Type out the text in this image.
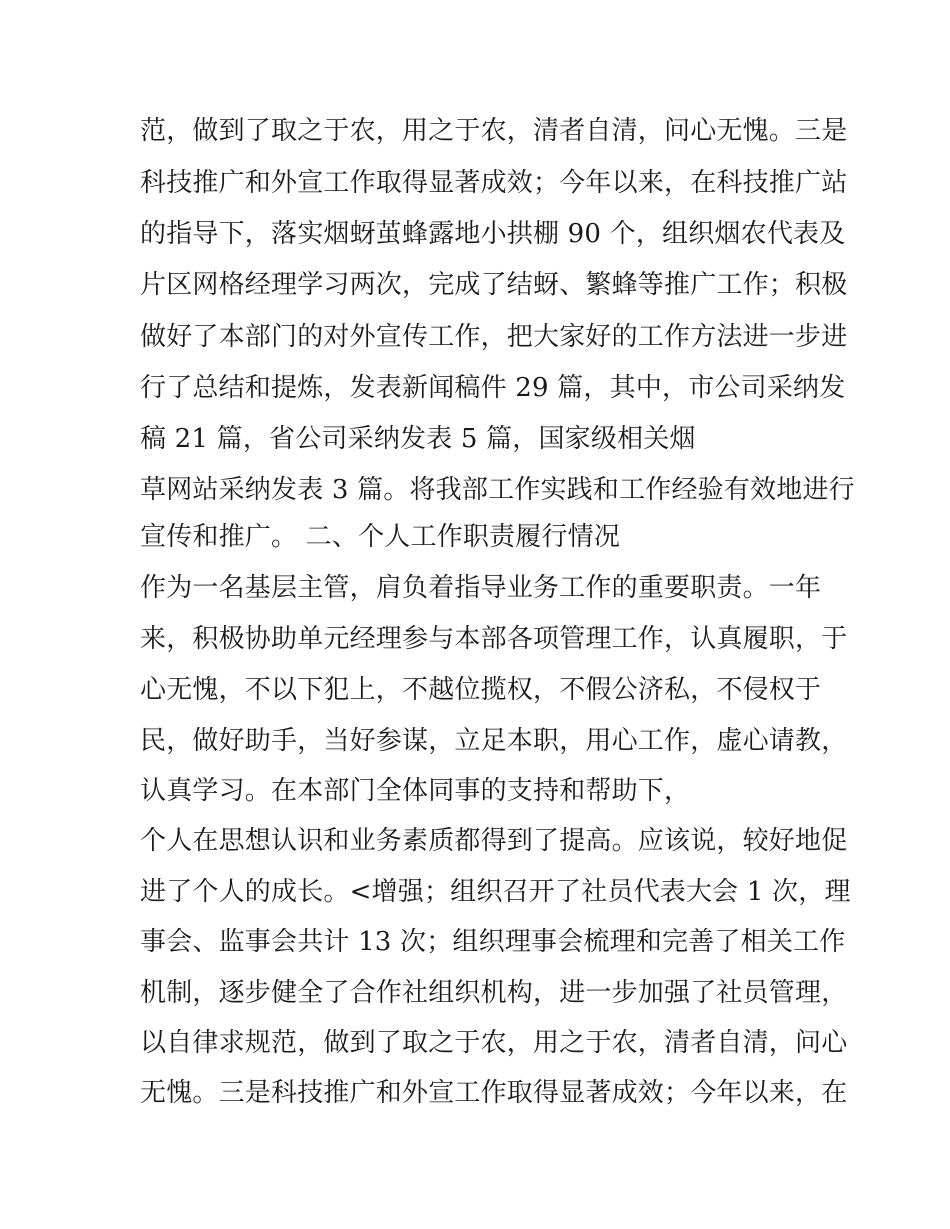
范，做到了取之于农，用之于农，清者自清，问心无愧。三是
科技推广和外宣工作取得显著成效；今年以来，在科技推广站
的指导下，落实烟蚜茧蜂露地小拱棚 90 个，组织烟农代表及
片区网格经理学习两次，完成了结蚜、繁蜂等推广工作；积极
做好了本部门的对外宣传工作，把大家好的工作方法进一步进
行了总结和提炼，发表新闻稿件 29 篇，其中，市公司采纳发
稿 21 篇，省公司采纳发表 5 篇，国家级相关烟
草网站采纳发表 3 篇。将我部工作实践和工作经验有效地进行
宣传和推广。 二、个人工作职责履行情况
作为一名基层主管，肩负着指导业务工作的重要职责。一年
来，积极协助单元经理参与本部各项管理工作，认真履职，于
心无愧，不以下犯上，不越位揽权，不假公济私，不侵权于
民，做好助手，当好参谋，立足本职，用心工作，虚心请教，
认真学习。在本部门全体同事的支持和帮助下，
个人在思想认识和业务素质都得到了提高。应该说，较好地促
进了个人的成长。<增强；组织召开了社员代表大会 1 次，理
事会、监事会共计 13 次；组织理事会梳理和完善了相关工作
机制，逐步健全了合作社组织机构，进一步加强了社员管理，
以自律求规范，做到了取之于农，用之于农，清者自清，问心
无愧。三是科技推广和外宣工作取得显著成效；今年以来，在
